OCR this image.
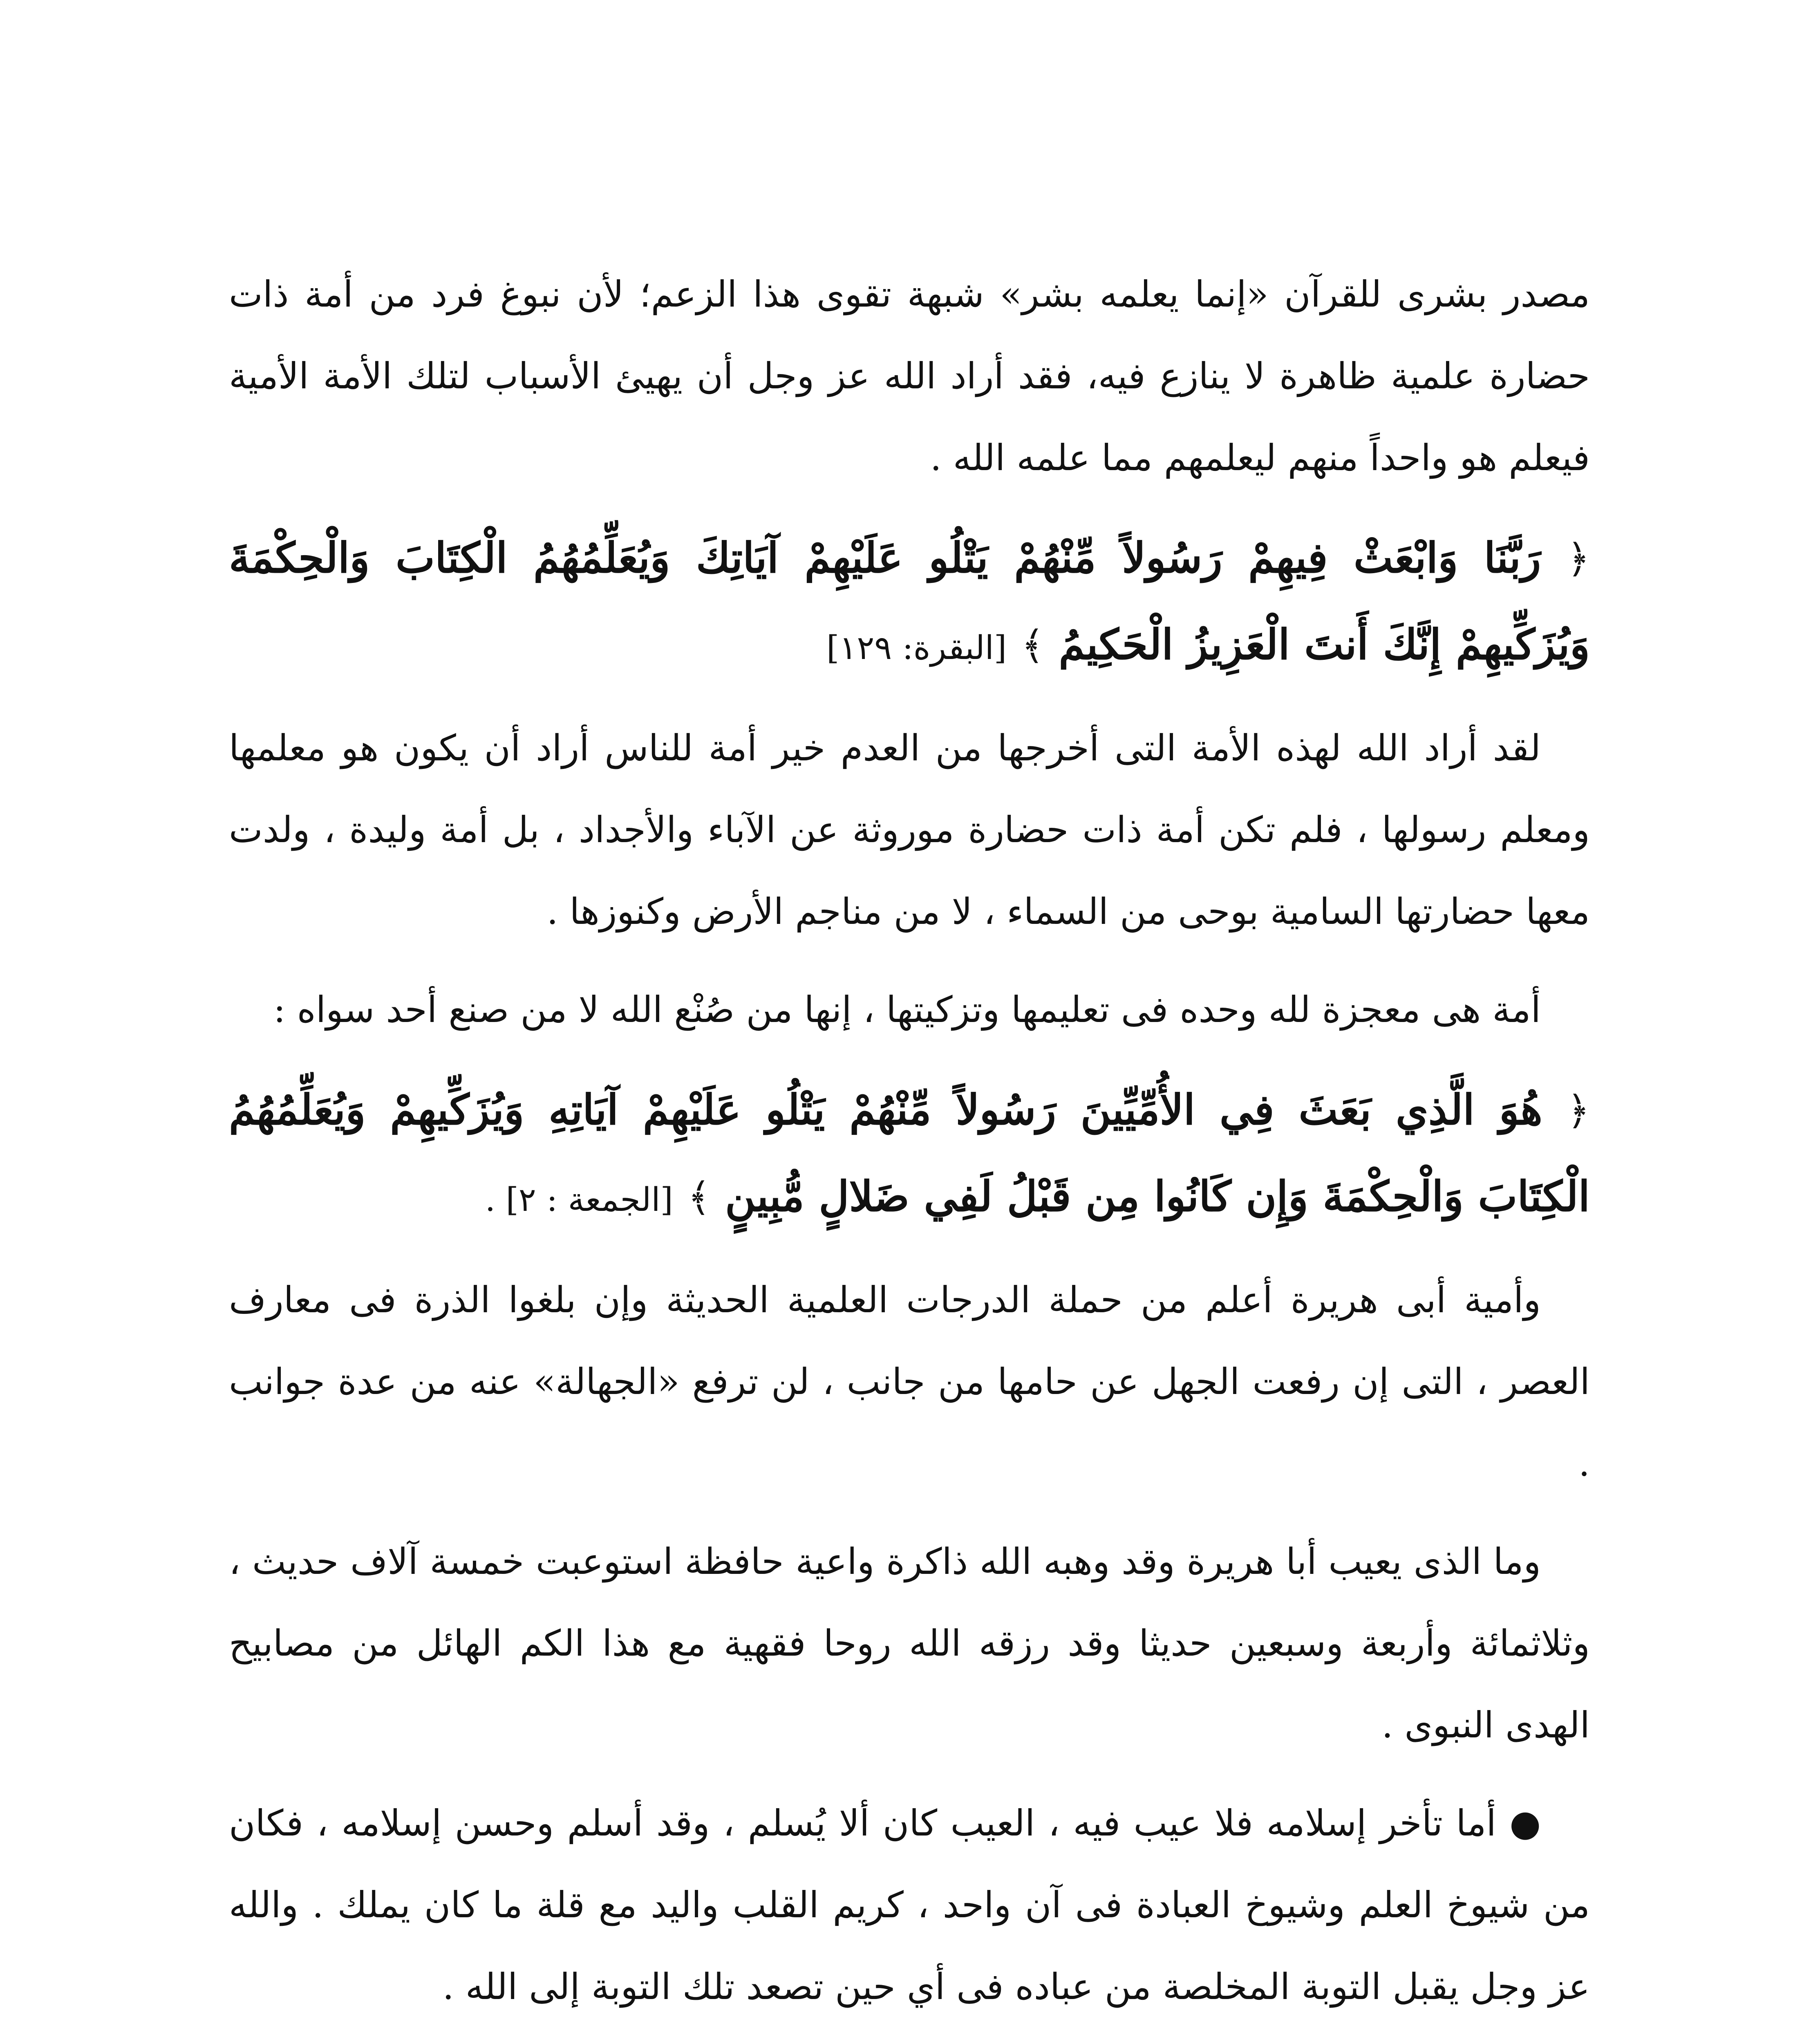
مصدر بشرى للقرآن «إنما يعلمه بشر» شبهة تقوى هذا الزعم؛ لأن نبوغ فرد من أمة ذات حضارة علمية ظاهرة لا ينازع فيه، فقد أراد الله عز وجل أن يهيئ الأسباب لتلك الأمة الأمية فيعلم هو واحداً منهم ليعلمهم مما علمه الله .

﴿ رَبَّنَا وَابْعَثْ فِيهِمْ رَسُولاً مِّنْهُمْ يَتْلُو عَلَيْهِمْ آيَاتِكَ وَيُعَلِّمُهُمُ الْكِتَابَ وَالْحِكْمَةَ وَيُزَكِّيهِمْ إِنَّكَ أَنتَ الْعَزِيزُ الْحَكِيمُ ﴾ [البقرة: ١٢٩]

لقد أراد الله لهذه الأمة التى أخرجها من العدم خير أمة للناس أراد أن يكون هو معلمها ومعلم رسولها ، فلم تكن أمة ذات حضارة موروثة عن الآباء والأجداد ، بل أمة وليدة ، ولدت معها حضارتها السامية بوحى من السماء ، لا من مناجم الأرض وكنوزها .

أمة هى معجزة لله وحده فى تعليمها وتزكيتها ، إنها من صُنْع الله لا من صنع أحد سواه :

﴿ هُوَ الَّذِي بَعَثَ فِي الأُمِّيِّينَ رَسُولاً مِّنْهُمْ يَتْلُو عَلَيْهِمْ آيَاتِهِ وَيُزَكِّيهِمْ وَيُعَلِّمُهُمُ الْكِتَابَ وَالْحِكْمَةَ وَإِن كَانُوا مِن قَبْلُ لَفِي ضَلالٍ مُّبِينٍ ﴾ [الجمعة : ٢] .

وأمية أبى هريرة أعلم من حملة الدرجات العلمية الحديثة وإن بلغوا الذرة فى معارف العصر ، التى إن رفعت الجهل عن حامها من جانب ، لن ترفع «الجهالة» عنه من عدة جوانب .

وما الذى يعيب أبا هريرة وقد وهبه الله ذاكرة واعية حافظة استوعبت خمسة آلاف حديث ، وثلاثمائة وأربعة وسبعين حديثا وقد رزقه الله روحا فقهية مع هذا الكم الهائل من مصابيح الهدى النبوى .

● أما تأخر إسلامه فلا عيب فيه ، العيب كان ألا يُسلم ، وقد أسلم وحسن إسلامه ، فكان من شيوخ العلم وشيوخ العبادة فى آن واحد ، كريم القلب واليد مع قلة ما كان يملك . والله عز وجل يقبل التوبة المخلصة من عباده فى أي حين تصعد تلك التوبة إلى الله .
